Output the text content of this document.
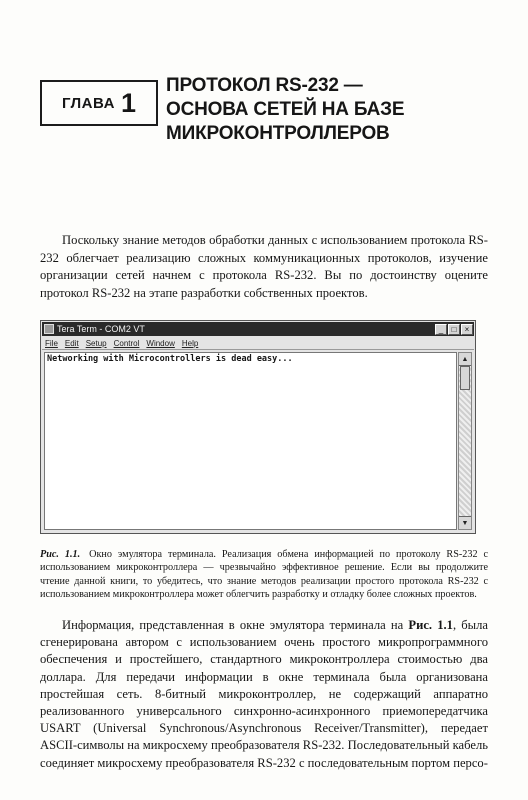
ГЛАВА 1
ПРОТОКОЛ RS-232 —
ОСНОВА СЕТЕЙ НА БАЗЕ
МИКРОКОНТРОЛЛЕРОВ

Поскольку знание методов обработки данных с использованием протокола RS-232 облегчает реализацию сложных коммуникационных протоколов, изучение организации сетей начнем с протокола RS-232. Вы по достоинству оцените протокол RS-232 на этапе разработки собственных проектов.

Tera Term - COM2 VT	_	□	×
File Edit Setup Control Window Help
Networking with Microcontrollers is dead easy...	▲
▼
Рис. 1.1. Окно эмулятора терминала. Реализация обмена информацией по протоколу RS-232 с использованием микроконтроллера — чрезвычайно эффективное решение. Если вы продолжите чтение данной книги, то убедитесь, что знание методов реализации простого протокола RS-232 с использованием микроконтроллера может облегчить разработку и отладку более сложных проектов.

Информация, представленная в окне эмулятора терминала на Рис. 1.1, была сгенерирована автором с использованием очень простого микропрограммного обеспечения и простейшего, стандартного микроконтроллера стоимостью два доллара. Для передачи информации в окне терминала была организована простейшая сеть. 8-битный микроконтроллер, не содержащий аппаратно реализованного универсального синхронно-асинхронного приемопередатчика USART (Universal Synchronous/Asynchronous Receiver/Transmitter), передает ASCII-символы на микросхему преобразователя RS-232. Последовательный кабель соединяет микросхему преобразователя RS-232 с последовательным портом персо-
